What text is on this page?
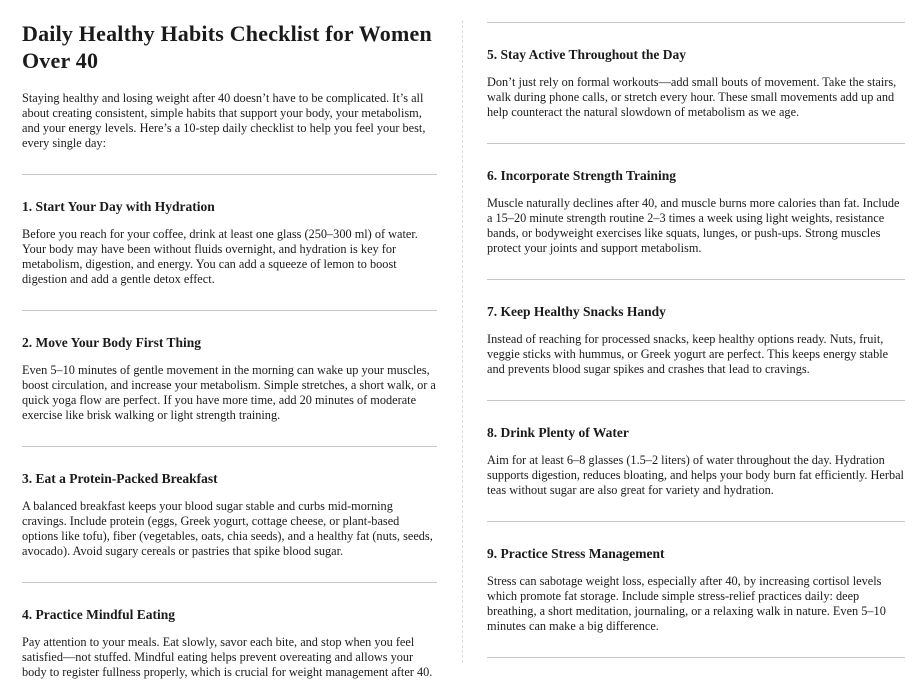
Daily Healthy Habits Checklist for Women Over 40

Staying healthy and losing weight after 40 doesn’t have to be complicated. It’s all about creating consistent, simple habits that support your body, your metabolism, and your energy levels. Here’s a 10-step daily checklist to help you feel your best, every single day:

1. Start Your Day with Hydration

Before you reach for your coffee, drink at least one glass (250–300 ml) of water. Your body may have been without fluids overnight, and hydration is key for metabolism, digestion, and energy. You can add a squeeze of lemon to boost digestion and add a gentle detox effect.

2. Move Your Body First Thing

Even 5–10 minutes of gentle movement in the morning can wake up your muscles, boost circulation, and increase your metabolism. Simple stretches, a short walk, or a quick yoga flow are perfect. If you have more time, add 20 minutes of moderate exercise like brisk walking or light strength training.

3. Eat a Protein-Packed Breakfast

A balanced breakfast keeps your blood sugar stable and curbs mid-morning cravings. Include protein (eggs, Greek yogurt, cottage cheese, or plant-based options like tofu), fiber (vegetables, oats, chia seeds), and a healthy fat (nuts, seeds, avocado). Avoid sugary cereals or pastries that spike blood sugar.

4. Practice Mindful Eating

Pay attention to your meals. Eat slowly, savor each bite, and stop when you feel satisfied—not stuffed. Mindful eating helps prevent overeating and allows your body to register fullness properly, which is crucial for weight management after 40.

5. Stay Active Throughout the Day

Don’t just rely on formal workouts—add small bouts of movement. Take the stairs, walk during phone calls, or stretch every hour. These small movements add up and help counteract the natural slowdown of metabolism as we age.

6. Incorporate Strength Training

Muscle naturally declines after 40, and muscle burns more calories than fat. Include a 15–20 minute strength routine 2–3 times a week using light weights, resistance bands, or bodyweight exercises like squats, lunges, or push-ups. Strong muscles protect your joints and support metabolism.

7. Keep Healthy Snacks Handy

Instead of reaching for processed snacks, keep healthy options ready. Nuts, fruit, veggie sticks with hummus, or Greek yogurt are perfect. This keeps energy stable and prevents blood sugar spikes and crashes that lead to cravings.

8. Drink Plenty of Water

Aim for at least 6–8 glasses (1.5–2 liters) of water throughout the day. Hydration supports digestion, reduces bloating, and helps your body burn fat efficiently. Herbal teas without sugar are also great for variety and hydration.

9. Practice Stress Management

Stress can sabotage weight loss, especially after 40, by increasing cortisol levels which promote fat storage. Include simple stress-relief practices daily: deep breathing, a short meditation, journaling, or a relaxing walk in nature. Even 5–10 minutes can make a big difference.
